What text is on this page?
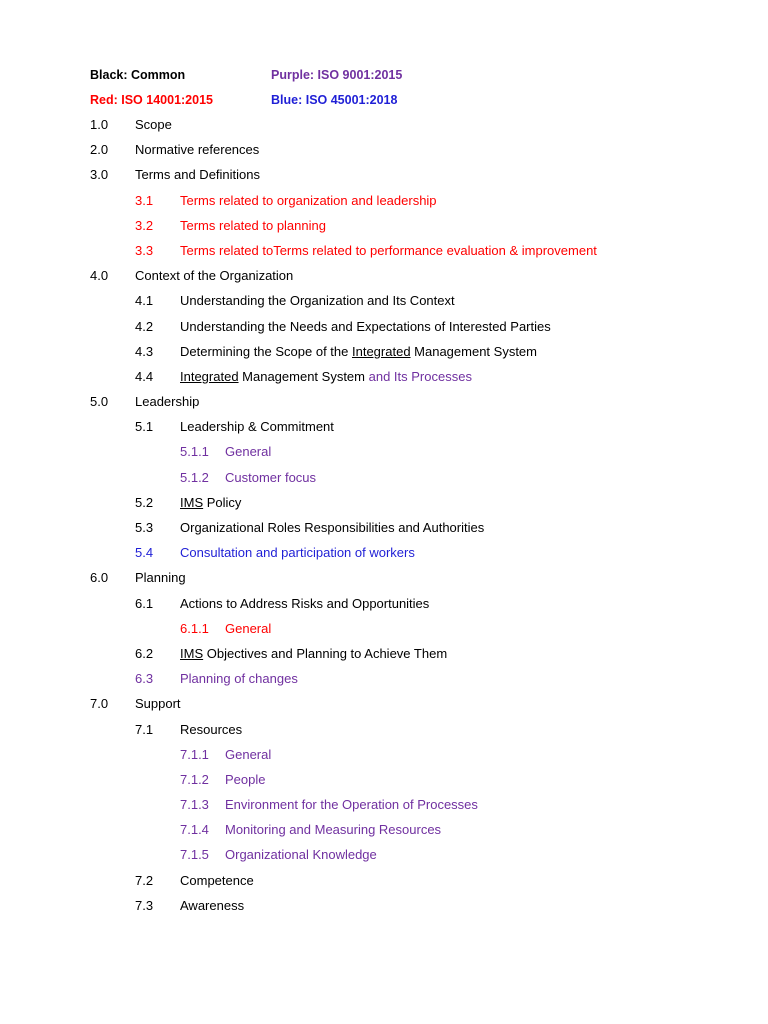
Black: Common	Purple: ISO 9001:2015
Red: ISO 14001:2015	Blue: ISO 45001:2018
1.0	Scope
2.0	Normative references
3.0	Terms and Definitions
3.1	Terms related to organization and leadership
3.2	Terms related to planning
3.3	Terms related toTerms related to performance evaluation & improvement
4.0	Context of the Organization
4.1	Understanding the Organization and Its Context
4.2	Understanding the Needs and Expectations of Interested Parties
4.3	Determining the Scope of the Integrated Management System
4.4	Integrated Management System and Its Processes
5.0	Leadership
5.1	Leadership & Commitment
5.1.1	General
5.1.2	Customer focus
5.2	IMS Policy
5.3	Organizational Roles Responsibilities and Authorities
5.4	Consultation and participation of workers
6.0	Planning
6.1	Actions to Address Risks and Opportunities
6.1.1	General
6.2	IMS Objectives and Planning to Achieve Them
6.3	Planning of changes
7.0	Support
7.1	Resources
7.1.1	General
7.1.2	People
7.1.3	Environment for the Operation of Processes
7.1.4	Monitoring and Measuring Resources
7.1.5	Organizational Knowledge
7.2	Competence
7.3	Awareness
